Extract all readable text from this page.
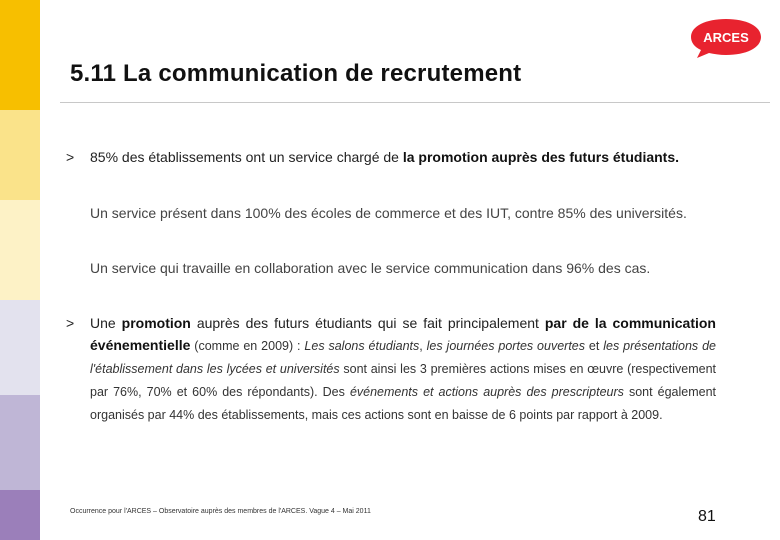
ARCES
5.11 La communication de recrutement
>	85% des établissements ont un service chargé de la promotion auprès des futurs étudiants.
Un service présent dans 100% des écoles de commerce et des IUT, contre 85% des universités.
Un service qui travaille en collaboration avec le service communication dans 96% des cas.
>	Une promotion auprès des futurs étudiants qui se fait principalement par de la communication événementielle (comme en 2009) : Les salons étudiants, les journées portes ouvertes et les présentations de l'établissement dans les lycées et universités sont ainsi les 3 premières actions mises en œuvre (respectivement par 76%, 70% et 60% des répondants). Des événements et actions auprès des prescripteurs sont également organisés par 44% des établissements, mais ces actions sont en baisse de 6 points par rapport à 2009.
Occurrence pour l'ARCES – Observatoire auprès des membres de l'ARCES. Vague 4 – Mai 2011	81
